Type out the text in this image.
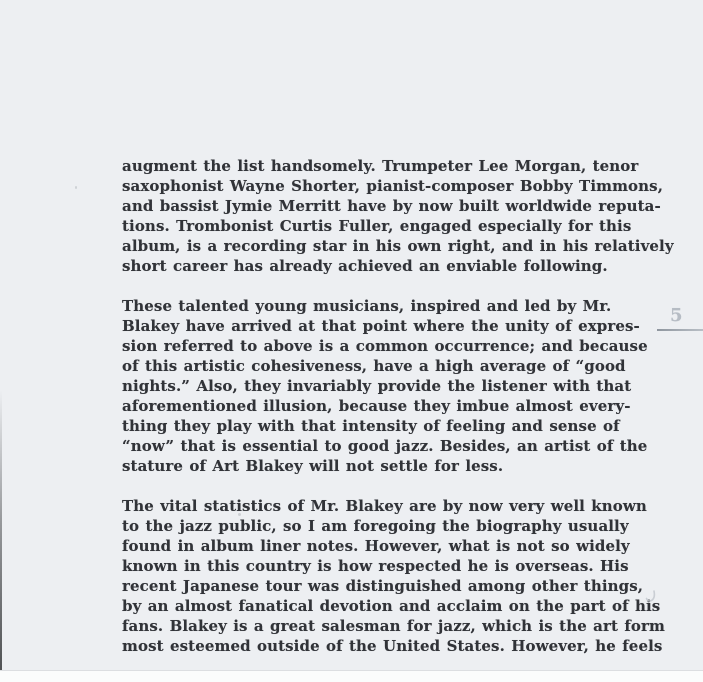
augment the list handsomely. Trumpeter Lee Morgan, tenor
saxophonist Wayne Shorter, pianist-composer Bobby Timmons,
and bassist Jymie Merritt have by now built worldwide reputa-
tions. Trombonist Curtis Fuller, engaged especially for this
album, is a recording star in his own right, and in his relatively
short career has already achieved an enviable following.
These talented young musicians, inspired and led by Mr.
Blakey have arrived at that point where the unity of expres-
sion referred to above is a common occurrence; and because
of this artistic cohesiveness, have a high average of “good
nights.” Also, they invariably provide the listener with that
aforementioned illusion, because they imbue almost every-
thing they play with that intensity of feeling and sense of
“now” that is essential to good jazz. Besides, an artist of the
stature of Art Blakey will not settle for less.
The vital statistics of Mr. Blakey are by now very well known
to the jazz public, so I am foregoing the biography usually
found in album liner notes. However, what is not so widely
known in this country is how respected he is overseas. His
recent Japanese tour was distinguished among other things,
by an almost fanatical devotion and acclaim on the part of his
fans. Blakey is a great salesman for jazz, which is the art form
most esteemed outside of the United States. However, he feels
5
